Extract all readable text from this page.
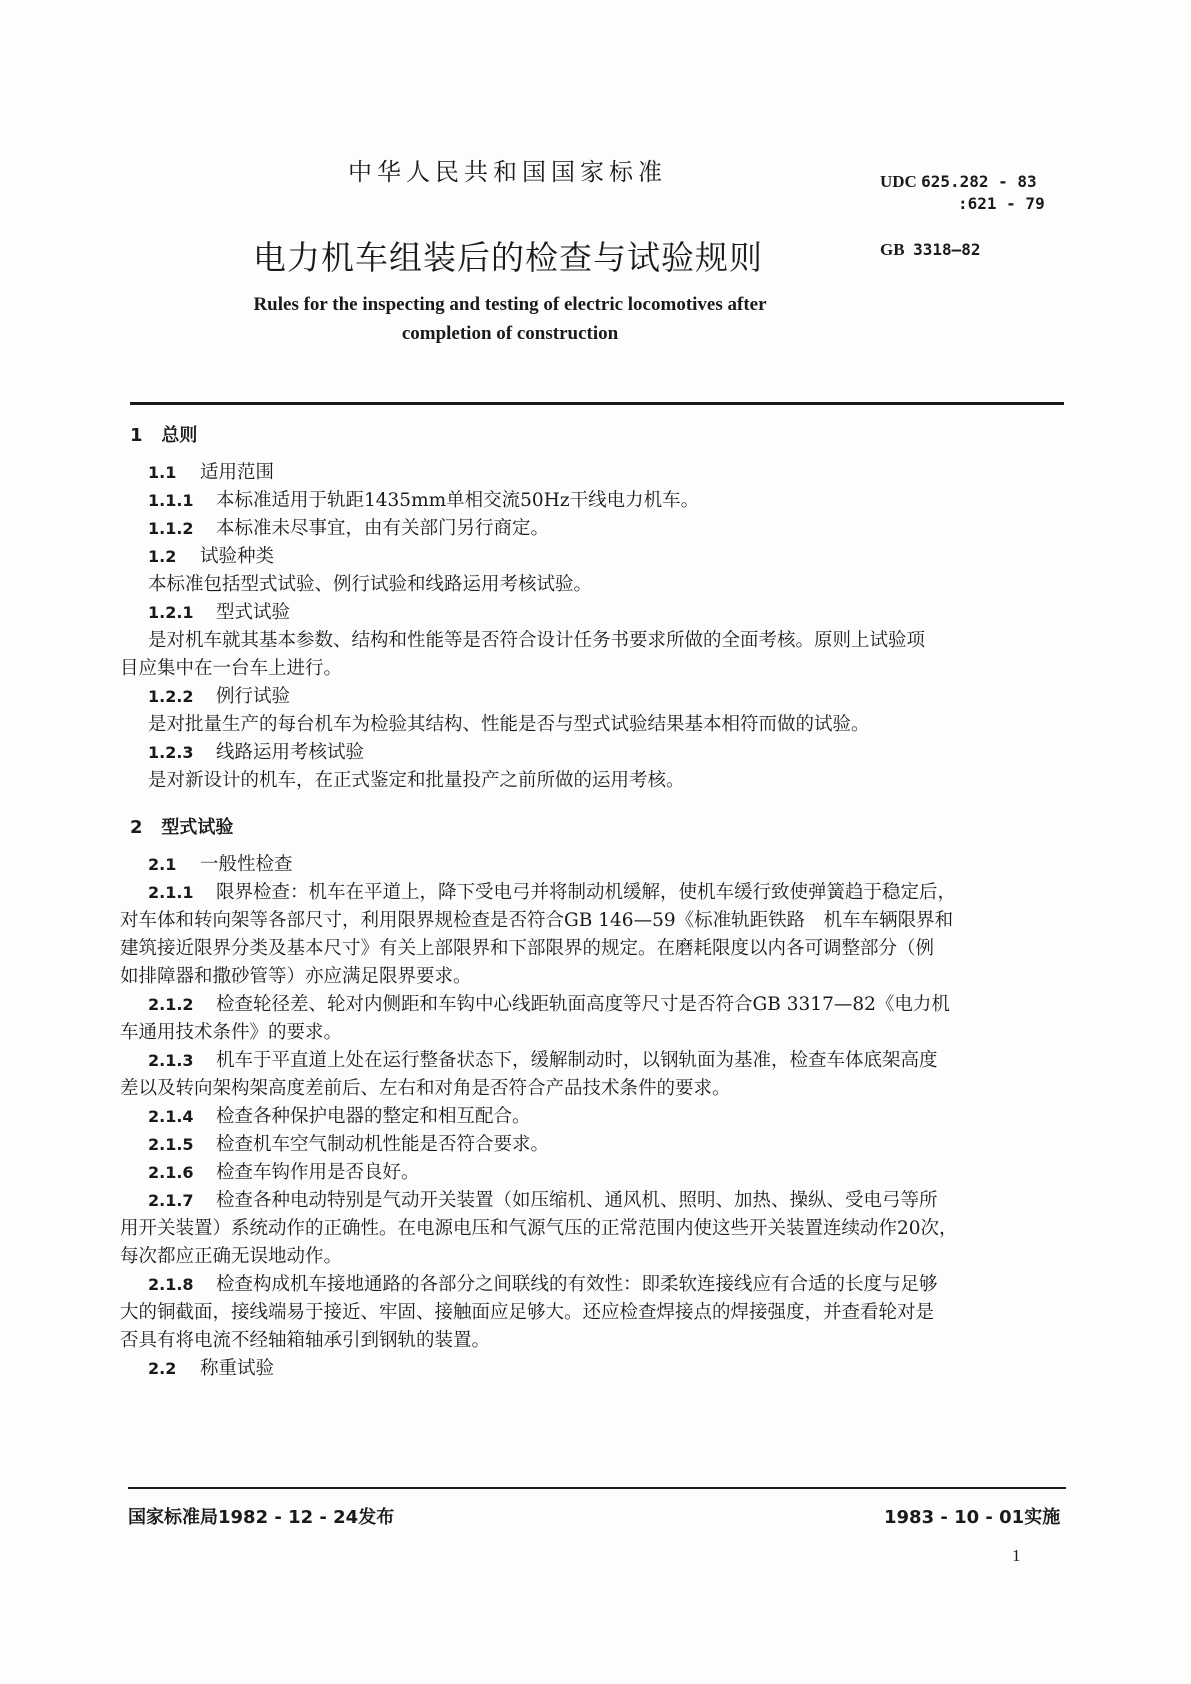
中华人民共和国国家标准	UDC 625.282 - 83
:621 - 79
电力机车组装后的检查与试验规则	GB 3318—82
Rules for the inspecting and testing of electric locomotives after completion of construction
1 总则
1.1 适用范围
1.1.1 本标准适用于轨距1435mm单相交流50Hz干线电力机车。
1.1.2 本标准未尽事宜，由有关部门另行商定。
1.2 试验种类
本标准包括型式试验、例行试验和线路运用考核试验。
1.2.1 型式试验
是对机车就其基本参数、结构和性能等是否符合设计任务书要求所做的全面考核。原则上试验项
目应集中在一台车上进行。
1.2.2 例行试验
是对批量生产的每台机车为检验其结构、性能是否与型式试验结果基本相符而做的试验。
1.2.3 线路运用考核试验
是对新设计的机车，在正式鉴定和批量投产之前所做的运用考核。
2 型式试验
2.1 一般性检查
2.1.1 限界检查：机车在平道上，降下受电弓并将制动机缓解，使机车缓行致使弹簧趋于稳定后，
对车体和转向架等各部尺寸，利用限界规检查是否符合GB 146—59《标准轨距铁路　机车车辆限界和
建筑接近限界分类及基本尺寸》有关上部限界和下部限界的规定。在磨耗限度以内各可调整部分（例
如排障器和撒砂管等）亦应满足限界要求。
2.1.2 检查轮径差、轮对内侧距和车钩中心线距轨面高度等尺寸是否符合GB 3317—82《电力机
车通用技术条件》的要求。
2.1.3 机车于平直道上处在运行整备状态下，缓解制动时，以钢轨面为基准，检查车体底架高度
差以及转向架构架高度差前后、左右和对角是否符合产品技术条件的要求。
2.1.4 检查各种保护电器的整定和相互配合。
2.1.5 检查机车空气制动机性能是否符合要求。
2.1.6 检查车钩作用是否良好。
2.1.7 检查各种电动特别是气动开关装置（如压缩机、通风机、照明、加热、操纵、受电弓等所
用开关装置）系统动作的正确性。在电源电压和气源气压的正常范围内使这些开关装置连续动作20次，
每次都应正确无误地动作。
2.1.8 检查构成机车接地通路的各部分之间联线的有效性：即柔软连接线应有合适的长度与足够
大的铜截面，接线端易于接近、牢固、接触面应足够大。还应检查焊接点的焊接强度，并查看轮对是
否具有将电流不经轴箱轴承引到钢轨的装置。
2.2 称重试验
国家标准局1982 - 12 - 24发布	1983 - 10 - 01实施
1
